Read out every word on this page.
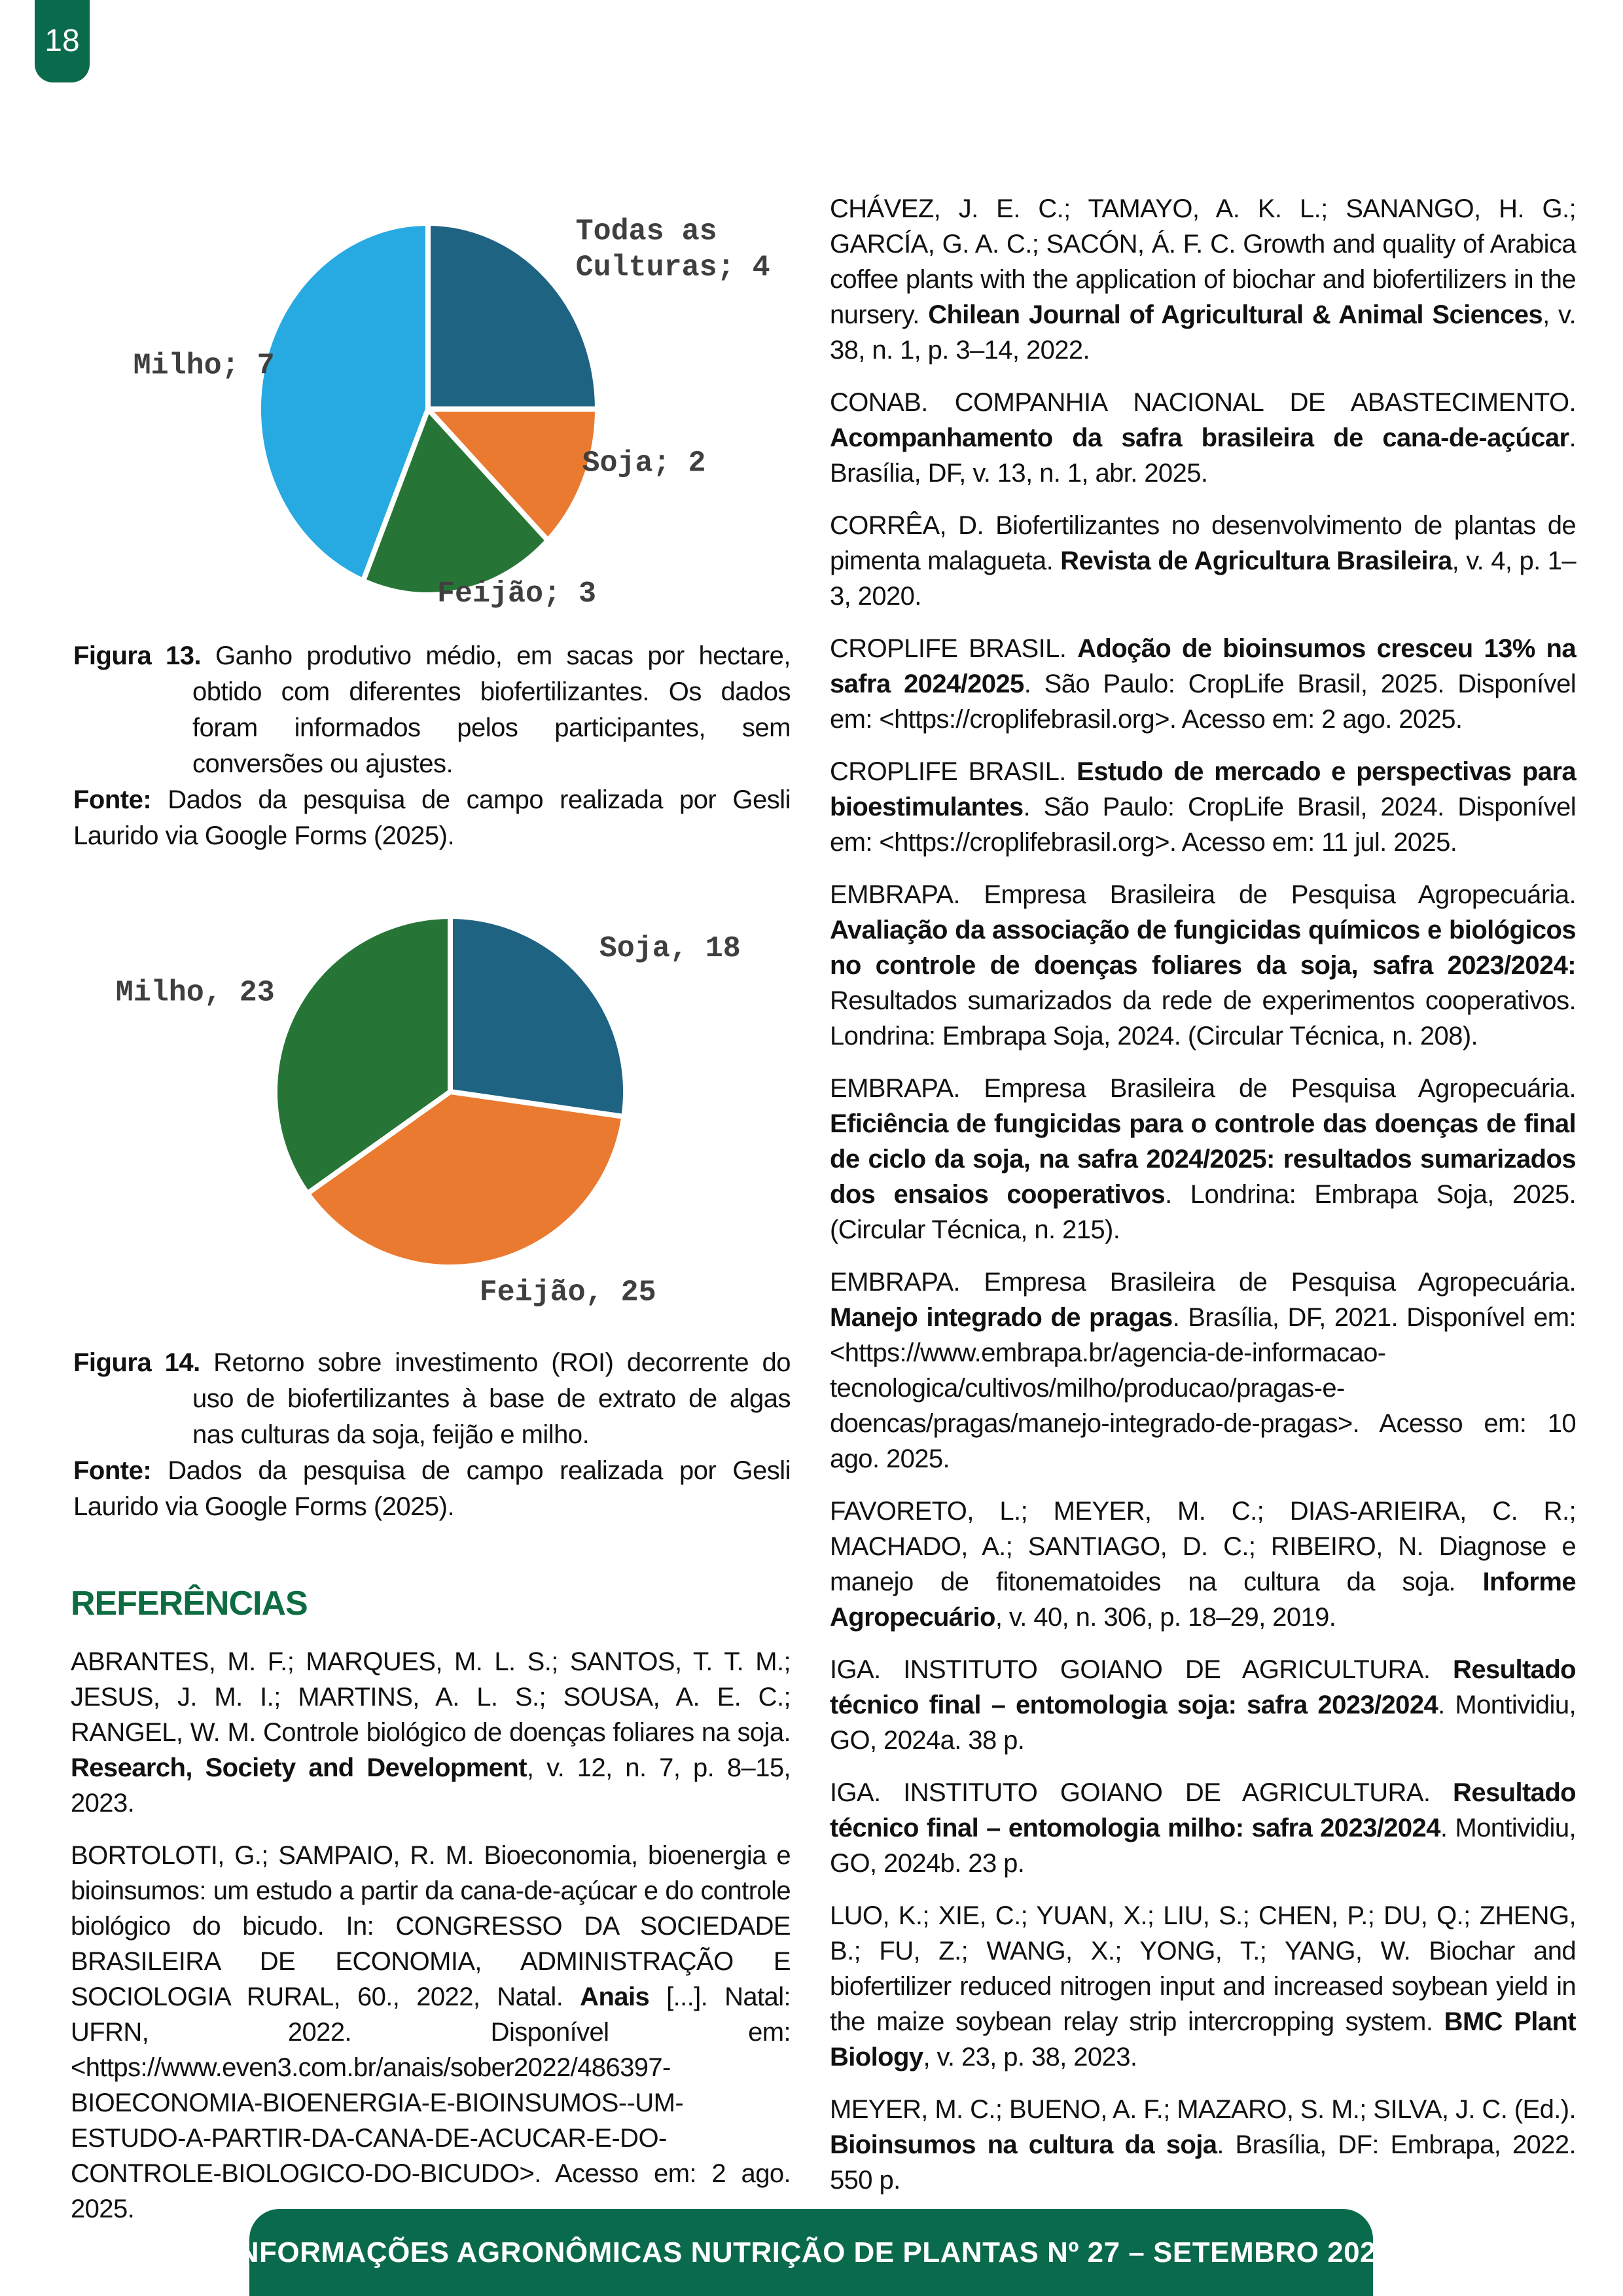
18
Todas as Culturas; 4
Soja; 2
Feijão; 3
Milho; 7

Figura 13. Ganho produtivo médio, em sacas por hectare, obtido com diferentes biofertilizantes. Os dados foram informados pelos participantes, sem conversões ou ajustes.

Fonte: Dados da pesquisa de campo realizada por Gesli Laurido via Google Forms (2025).

Soja, 18
Feijão, 25
Milho, 23

Figura 14. Retorno sobre investimento (ROI) decorrente do uso de biofertilizantes à base de extrato de algas nas culturas da soja, feijão e milho.

Fonte: Dados da pesquisa de campo realizada por Gesli Laurido via Google Forms (2025).

REFERÊNCIAS

ABRANTES, M. F.; MARQUES, M. L. S.; SANTOS, T. T. M.; JESUS, J. M. I.; MARTINS, A. L. S.; SOUSA, A. E. C.; RANGEL, W. M. Controle biológico de doenças foliares na soja. Research, Society and Development, v. 12, n. 7, p. 8–15, 2023.

BORTOLOTI, G.; SAMPAIO, R. M. Bioeconomia, bioenergia e bioinsumos: um estudo a partir da cana-de-açúcar e do controle biológico do bicudo. In: CONGRESSO DA SOCIEDADE BRASILEIRA DE ECONOMIA, ADMINISTRAÇÃO E SOCIOLOGIA RURAL, 60., 2022, Natal. Anais [...]. Natal: UFRN, 2022. Disponível em: <https://www.even3.com.br/anais/sober2022/486397-BIOECONOMIA-BIOENERGIA-E-BIOINSUMOS--UM-ESTUDO-A-PARTIR-DA-CANA-DE-ACUCAR-E-DO-CONTROLE-BIOLOGICO-DO-BICUDO>. Acesso em: 2 ago. 2025.

CHÁVEZ, J. E. C.; TAMAYO, A. K. L.; SANANGO, H. G.; GARCÍA, G. A. C.; SACÓN, Á. F. C. Growth and quality of Arabica coffee plants with the application of biochar and biofertilizers in the nursery. Chilean Journal of Agricultural & Animal Sciences, v. 38, n. 1, p. 3–14, 2022.

CONAB. COMPANHIA NACIONAL DE ABASTECIMENTO. Acompanhamento da safra brasileira de cana-de-açúcar. Brasília, DF, v. 13, n. 1, abr. 2025.

CORRÊA, D. Biofertilizantes no desenvolvimento de plantas de pimenta malagueta. Revista de Agricultura Brasileira, v. 4, p. 1–3, 2020.

CROPLIFE BRASIL. Adoção de bioinsumos cresceu 13% na safra 2024/2025. São Paulo: CropLife Brasil, 2025. Disponível em: <https://croplifebrasil.org>. Acesso em: 2 ago. 2025.

CROPLIFE BRASIL. Estudo de mercado e perspectivas para bioestimulantes. São Paulo: CropLife Brasil, 2024. Disponível em: <https://croplifebrasil.org>. Acesso em: 11 jul. 2025.

EMBRAPA. Empresa Brasileira de Pesquisa Agropecuária. Avaliação da associação de fungicidas químicos e biológicos no controle de doenças foliares da soja, safra 2023/2024: Resultados sumarizados da rede de experimentos cooperativos. Londrina: Embrapa Soja, 2024. (Circular Técnica, n. 208).

EMBRAPA. Empresa Brasileira de Pesquisa Agropecuária. Eficiência de fungicidas para o controle das doenças de final de ciclo da soja, na safra 2024/2025: resultados sumarizados dos ensaios cooperativos. Londrina: Embrapa Soja, 2025. (Circular Técnica, n. 215).

EMBRAPA. Empresa Brasileira de Pesquisa Agropecuária. Manejo integrado de pragas. Brasília, DF, 2021. Disponível em: <https://www.embrapa.br/agencia-de-informacao-tecnologica/cultivos/milho/producao/pragas-e-doencas/pragas/manejo-integrado-de-pragas>. Acesso em: 10 ago. 2025.

FAVORETO, L.; MEYER, M. C.; DIAS-ARIEIRA, C. R.; MACHADO, A.; SANTIAGO, D. C.; RIBEIRO, N. Diagnose e manejo de fitonematoides na cultura da soja. Informe Agropecuário, v. 40, n. 306, p. 18–29, 2019.

IGA. INSTITUTO GOIANO DE AGRICULTURA. Resultado técnico final – entomologia soja: safra 2023/2024. Montividiu, GO, 2024a. 38 p.

IGA. INSTITUTO GOIANO DE AGRICULTURA. Resultado técnico final – entomologia milho: safra 2023/2024. Montividiu, GO, 2024b. 23 p.

LUO, K.; XIE, C.; YUAN, X.; LIU, S.; CHEN, P.; DU, Q.; ZHENG, B.; FU, Z.; WANG, X.; YONG, T.; YANG, W. Biochar and biofertilizer reduced nitrogen input and increased soybean yield in the maize soybean relay strip intercropping system. BMC Plant Biology, v. 23, p. 38, 2023.

MEYER, M. C.; BUENO, A. F.; MAZARO, S. M.; SILVA, J. C. (Ed.). Bioinsumos na cultura da soja. Brasília, DF: Embrapa, 2022. 550 p.

INFORMAÇÕES AGRONÔMICAS NUTRIÇÃO DE PLANTAS Nº 27 – SETEMBRO 2025
